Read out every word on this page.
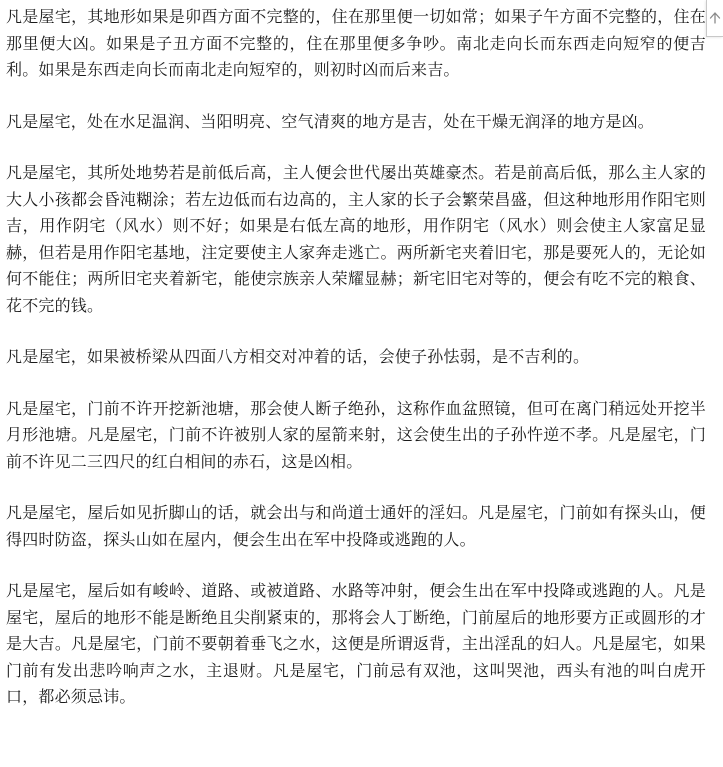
凡是屋宅，其地形如果是卯酉方面不完整的，住在那里便一切如常；如果子午方面不完整的，住在那里便大凶。如果是子丑方面不完整的，住在那里便多争吵。南北走向长而东西走向短窄的便吉利。如果是东西走向长而南北走向短窄的，则初时凶而后来吉。

凡是屋宅，处在水足温润、当阳明亮、空气清爽的地方是吉，处在干燥无润泽的地方是凶。

凡是屋宅，其所处地势若是前低后高，主人便会世代屡出英雄豪杰。若是前高后低，那么主人家的大人小孩都会昏沌糊涂；若左边低而右边高的，主人家的长子会繁荣昌盛，但这种地形用作阳宅则吉，用作阴宅（风水）则不好；如果是右低左高的地形，用作阴宅（风水）则会使主人家富足显赫，但若是用作阳宅基地，注定要使主人家奔走逃亡。两所新宅夹着旧宅，那是要死人的，无论如何不能住；两所旧宅夹着新宅，能使宗族亲人荣耀显赫；新宅旧宅对等的，便会有吃不完的粮食、花不完的钱。

凡是屋宅，如果被桥梁从四面八方相交对冲着的话，会使子孙怯弱，是不吉利的。

凡是屋宅，门前不许开挖新池塘，那会使人断子绝孙，这称作血盆照镜，但可在离门稍远处开挖半月形池塘。凡是屋宅，门前不许被别人家的屋箭来射，这会使生出的子孙忤逆不孝。凡是屋宅，门前不许见二三四尺的红白相间的赤石，这是凶相。

凡是屋宅，屋后如见折脚山的话，就会出与和尚道士通奸的淫妇。凡是屋宅，门前如有探头山，便得四时防盗，探头山如在屋内，便会生出在军中投降或逃跑的人。

凡是屋宅，屋后如有峻岭、道路、或被道路、水路等冲射，便会生出在军中投降或逃跑的人。凡是屋宅，屋后的地形不能是断绝且尖削紧束的，那将会人丁断绝，门前屋后的地形要方正或圆形的才是大吉。凡是屋宅，门前不要朝着垂飞之水，这便是所谓返背，主出淫乱的妇人。凡是屋宅，如果门前有发出悲吟响声之水，主退财。凡是屋宅，门前忌有双池，这叫哭池，西头有池的叫白虎开口，都必须忌讳。
